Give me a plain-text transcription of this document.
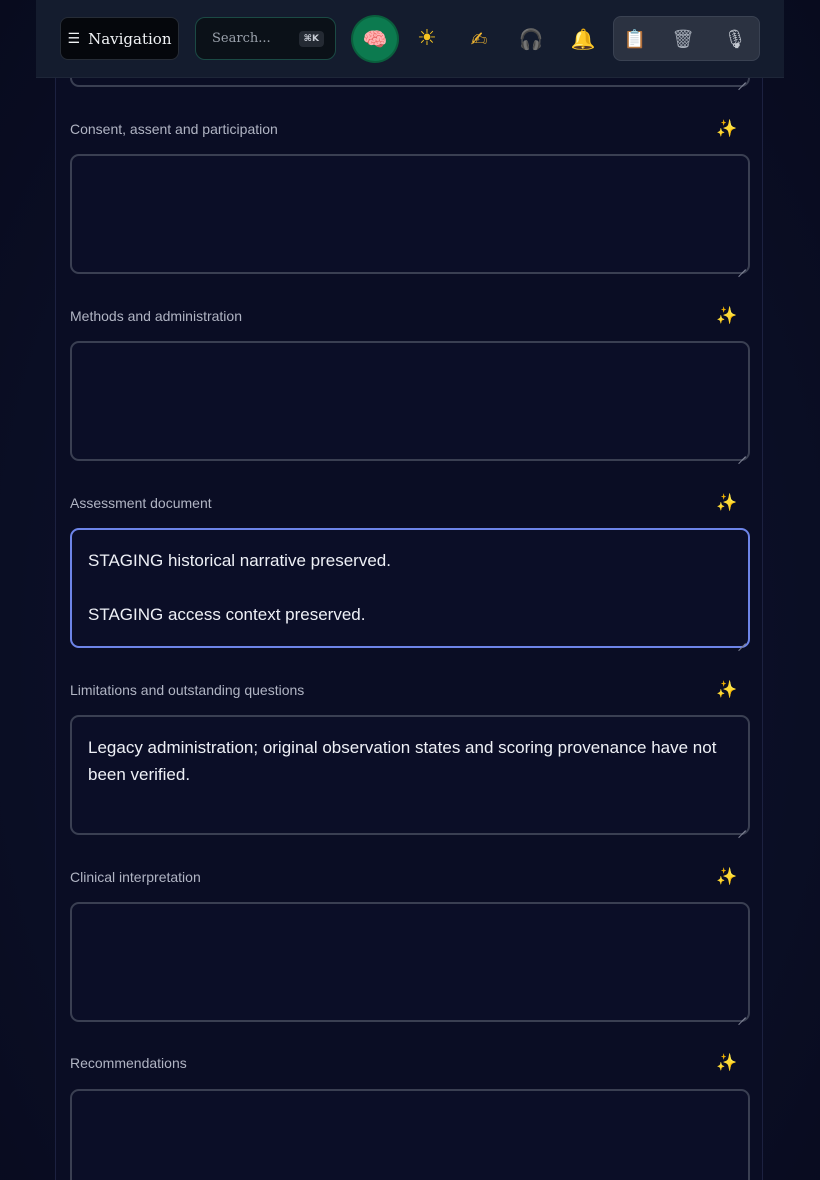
☰ Navigation	Search...	⌘K	🧠	☀	✍	🎧	🔔	📋 🗑 🎙
Consent, assent and participation	✨
Methods and administration	✨
Assessment document	✨
STAGING historical narrative preserved.

STAGING access context preserved.
Limitations and outstanding questions	✨
Legacy administration; original observation states and scoring provenance have not been verified.
Clinical interpretation	✨
Recommendations	✨
